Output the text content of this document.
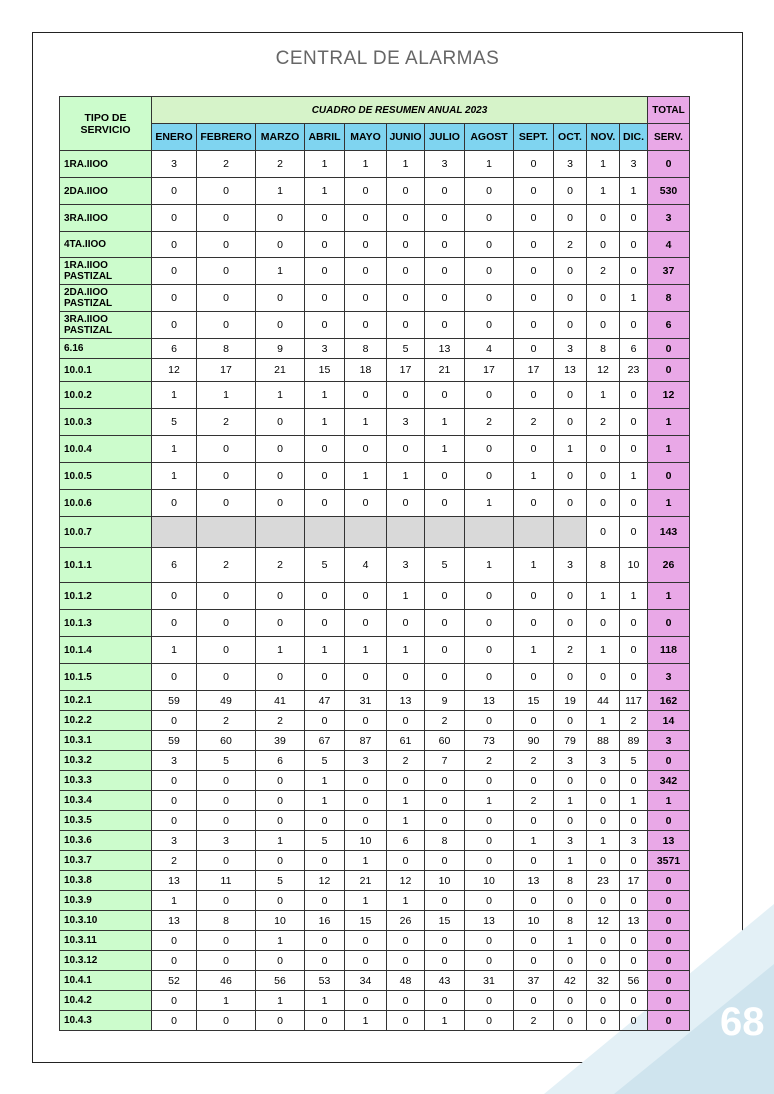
CENTRAL DE ALARMAS
68
TIPO DE SERVICIO	CUADRO DE RESUMEN ANUAL 2023												TOTAL
	ENERO	FEBRERO	MARZO	ABRIL	MAYO	JUNIO	JULIO	AGOST	SEPT.	OCT.	NOV.	DIC.	SERV.
1RA.IIOO	3	2	2	1	1	1	3	1	0	3	1	3	0
2DA.IIOO	0	0	1	1	0	0	0	0	0	0	1	1	530
3RA.IIOO	0	0	0	0	0	0	0	0	0	0	0	0	3
4TA.IIOO	0	0	0	0	0	0	0	0	0	2	0	0	4
1RA.IIOO PASTIZAL	0	0	1	0	0	0	0	0	0	0	2	0	37
2DA.IIOO PASTIZAL	0	0	0	0	0	0	0	0	0	0	0	1	8
3RA.IIOO PASTIZAL	0	0	0	0	0	0	0	0	0	0	0	0	6
6.16	6	8	9	3	8	5	13	4	0	3	8	6	0
10.0.1	12	17	21	15	18	17	21	17	17	13	12	23	0
10.0.2	1	1	1	1	0	0	0	0	0	0	1	0	12
10.0.3	5	2	0	1	1	3	1	2	2	0	2	0	1
10.0.4	1	0	0	0	0	0	1	0	0	1	0	0	1
10.0.5	1	0	0	0	1	1	0	0	1	0	0	1	0
10.0.6	0	0	0	0	0	0	0	1	0	0	0	0	1
10.0.7											0	0	143
10.1.1	6	2	2	5	4	3	5	1	1	3	8	10	26
10.1.2	0	0	0	0	0	1	0	0	0	0	1	1	1
10.1.3	0	0	0	0	0	0	0	0	0	0	0	0	0
10.1.4	1	0	1	1	1	1	0	0	1	2	1	0	118
10.1.5	0	0	0	0	0	0	0	0	0	0	0	0	3
10.2.1	59	49	41	47	31	13	9	13	15	19	44	117	162
10.2.2	0	2	2	0	0	0	2	0	0	0	1	2	14
10.3.1	59	60	39	67	87	61	60	73	90	79	88	89	3
10.3.2	3	5	6	5	3	2	7	2	2	3	3	5	0
10.3.3	0	0	0	1	0	0	0	0	0	0	0	0	342
10.3.4	0	0	0	1	0	1	0	1	2	1	0	1	1
10.3.5	0	0	0	0	0	1	0	0	0	0	0	0	0
10.3.6	3	3	1	5	10	6	8	0	1	3	1	3	13
10.3.7	2	0	0	0	1	0	0	0	0	1	0	0	3571
10.3.8	13	11	5	12	21	12	10	10	13	8	23	17	0
10.3.9	1	0	0	0	1	1	0	0	0	0	0	0	0
10.3.10	13	8	10	16	15	26	15	13	10	8	12	13	0
10.3.11	0	0	1	0	0	0	0	0	0	1	0	0	0
10.3.12	0	0	0	0	0	0	0	0	0	0	0	0	0
10.4.1	52	46	56	53	34	48	43	31	37	42	32	56	0
10.4.2	0	1	1	1	0	0	0	0	0	0	0	0	0
10.4.3	0	0	0	0	1	0	1	0	2	0	0	0	0
